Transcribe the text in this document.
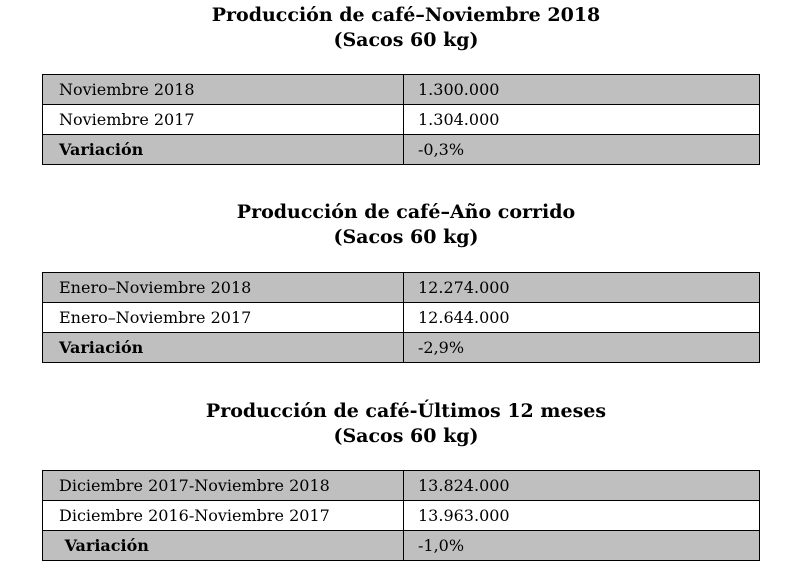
Producción de café–Noviembre 2018
(Sacos 60 kg)

Noviembre 2018	1.300.000
Noviembre 2017	1.304.000
Variación	-0,3%

Producción de café–Año corrido
(Sacos 60 kg)

Enero–Noviembre 2018	12.274.000
Enero–Noviembre 2017	12.644.000
Variación	-2,9%

Producción de café-Últimos 12 meses
(Sacos 60 kg)

Diciembre 2017-Noviembre 2018	13.824.000
Diciembre 2016-Noviembre 2017	13.963.000
Variación	-1,0%
